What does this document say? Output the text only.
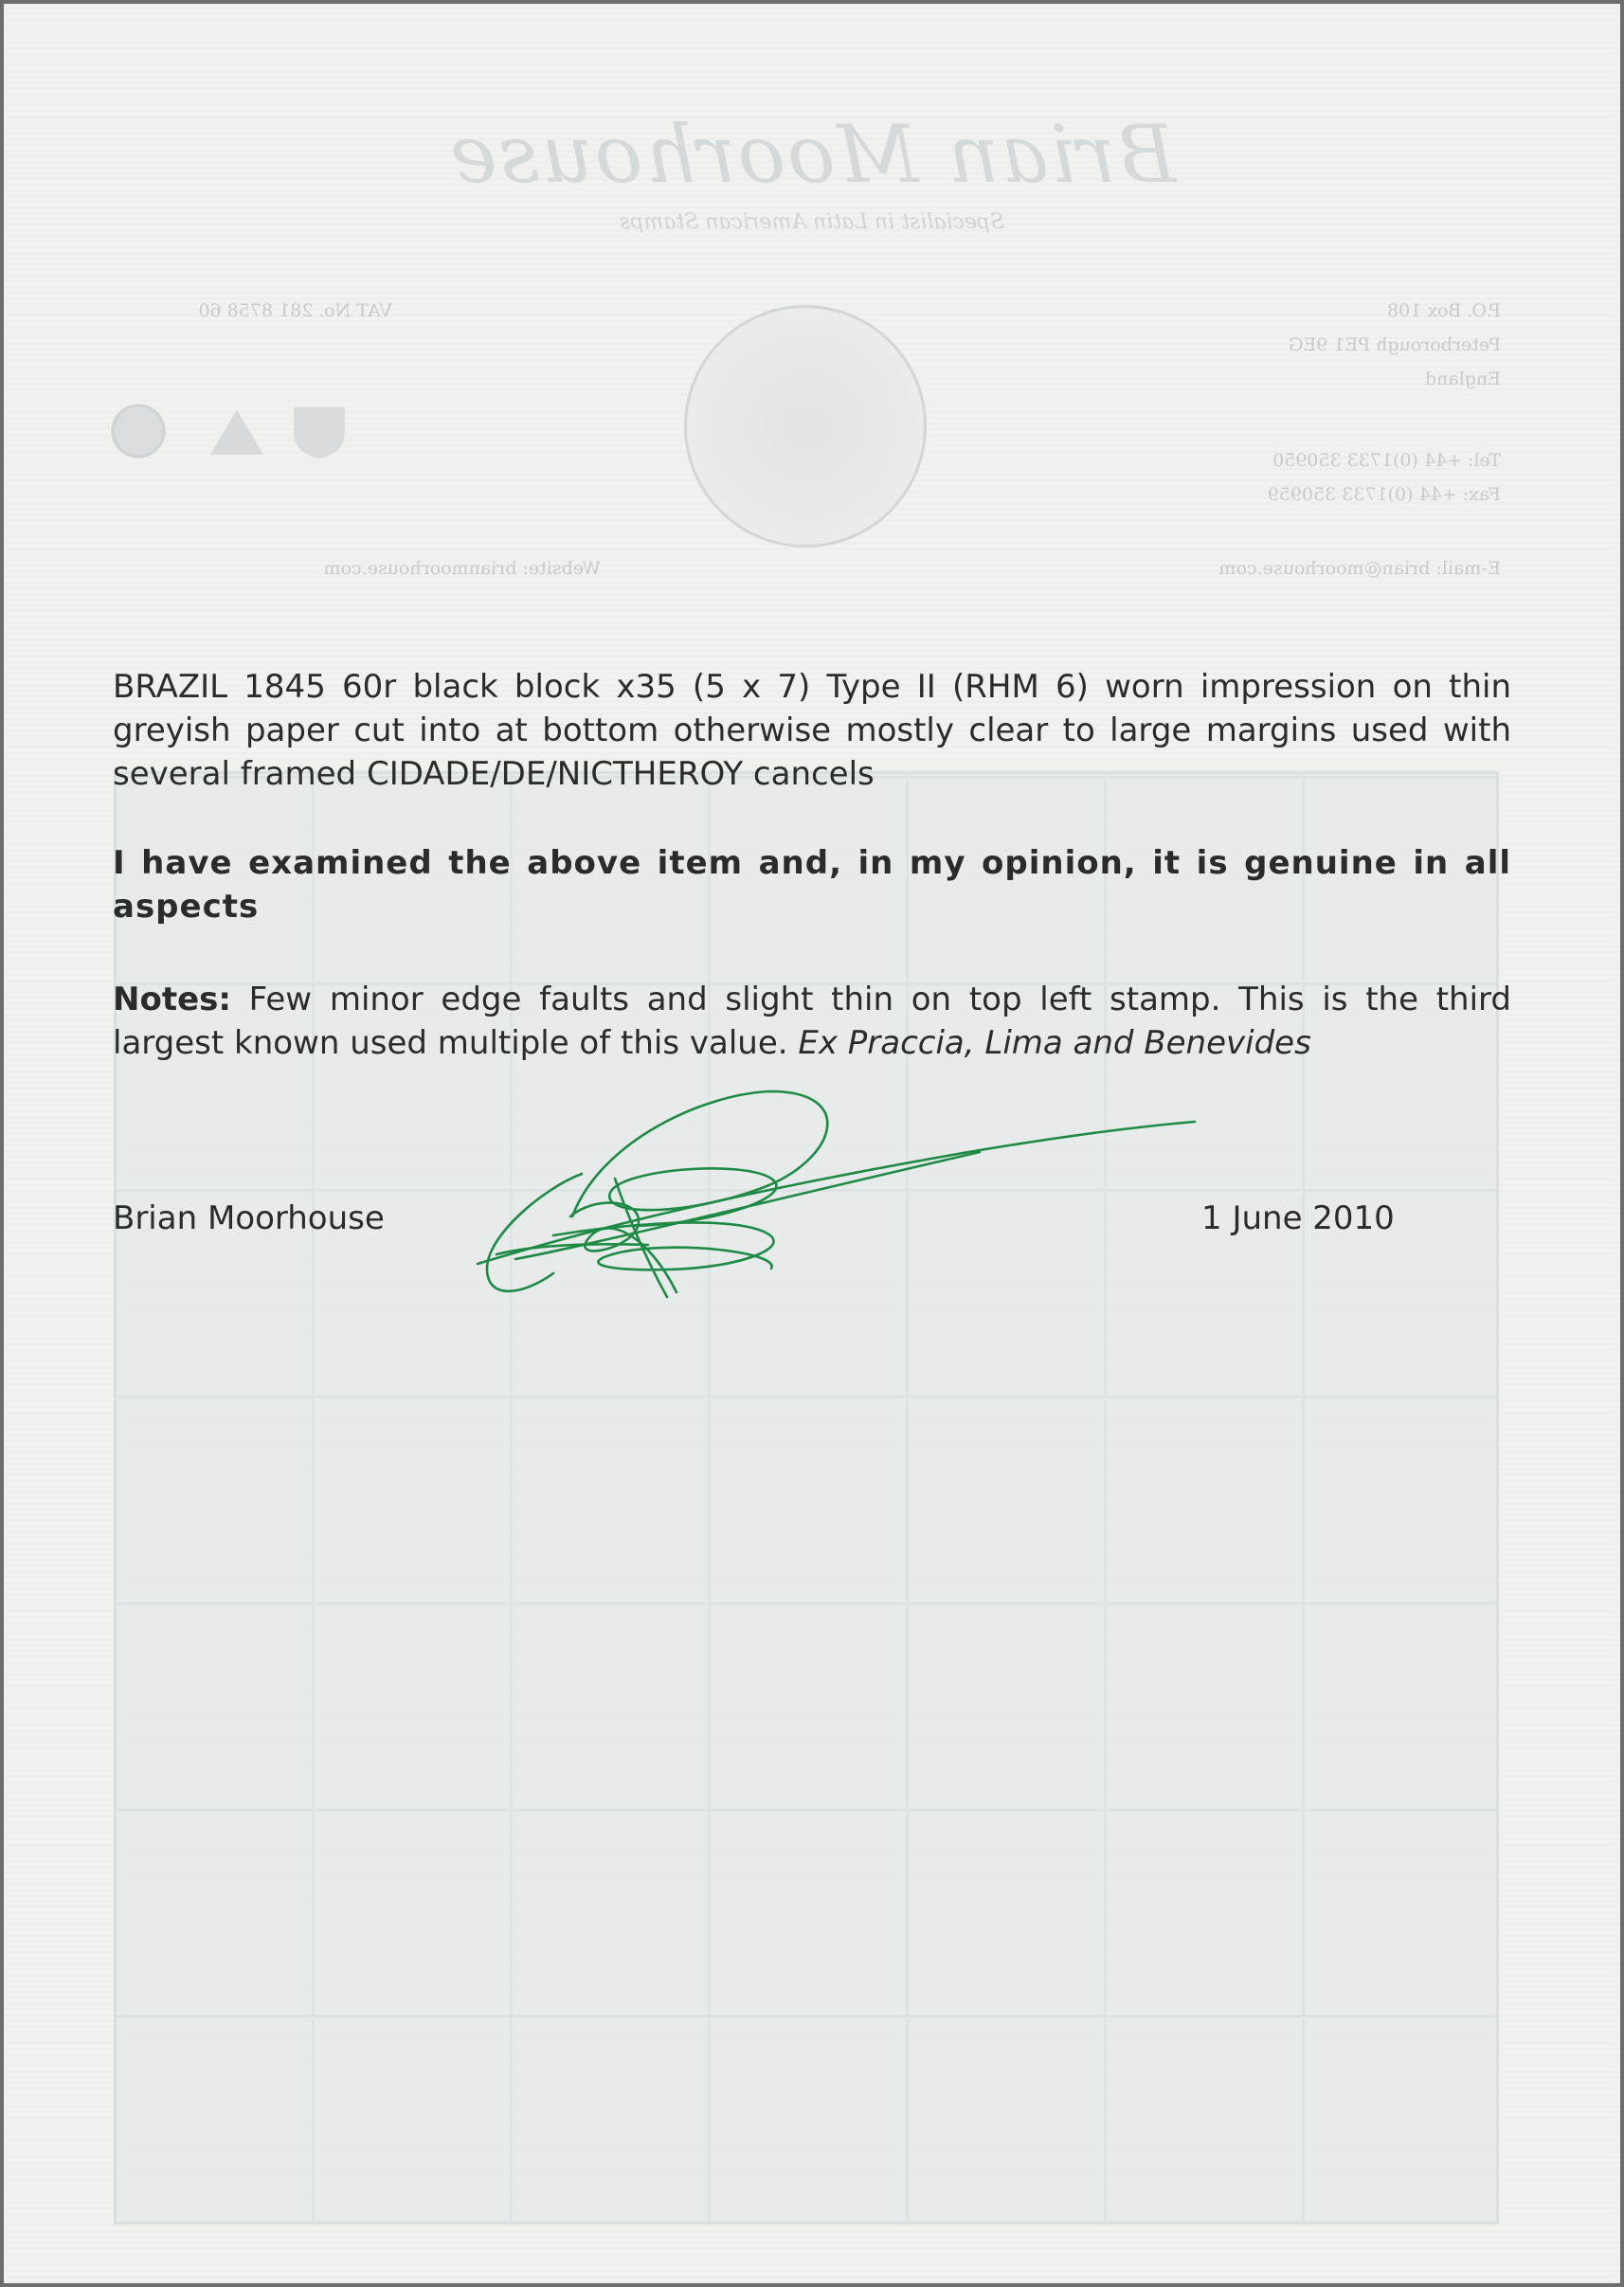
Brian Moorhouse
Specialist in Latin American Stamps
P.O. Box 108
Peterborough PE1 9EG
England
VAT No. 281 8758 60
Tel: +44 (0)1733 350950
Fax: +44 (0)1733 350959
E-mail: brian@moorhouse.com
Website: brianmoorhouse.com
BRAZIL 1845 60r black block x35 (5 x 7) Type II (RHM 6) worn impression on thin greyish paper cut into at bottom otherwise mostly clear to large margins used with several framed CIDADE/DE/NICTHEROY cancels
I have examined the above item and, in my opinion, it is genuine in all aspects
Notes: Few minor edge faults and slight thin on top left stamp. This is the third largest known used multiple of this value. Ex Praccia, Lima and Benevides
Brian Moorhouse	1 June 2010
